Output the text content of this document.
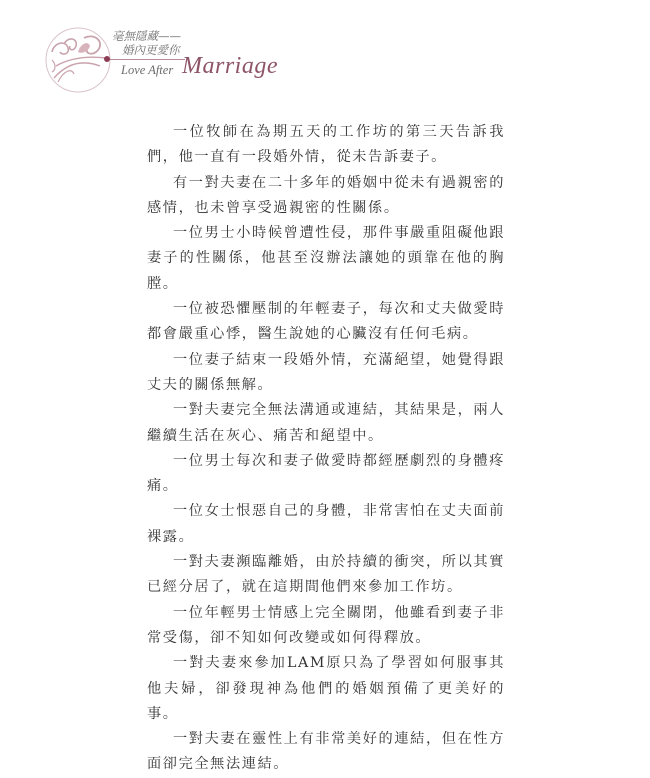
毫無隱藏——
婚內更愛你
Love After Marriage

一位牧師在為期五天的工作坊的第三天告訴我們，他一直有一段婚外情，從未告訴妻子。

有一對夫妻在二十多年的婚姻中從未有過親密的感情，也未曾享受過親密的性關係。

一位男士小時候曾遭性侵，那件事嚴重阻礙他跟妻子的性關係，他甚至沒辦法讓她的頭靠在他的胸膛。

一位被恐懼壓制的年輕妻子，每次和丈夫做愛時都會嚴重心悸，醫生說她的心臟沒有任何毛病。

一位妻子結束一段婚外情，充滿絕望，她覺得跟丈夫的關係無解。

一對夫妻完全無法溝通或連結，其結果是，兩人繼續生活在灰心、痛苦和絕望中。

一位男士每次和妻子做愛時都經歷劇烈的身體疼痛。

一位女士恨惡自己的身體，非常害怕在丈夫面前裸露。

一對夫妻瀕臨離婚，由於持續的衝突，所以其實已經分居了，就在這期間他們來參加工作坊。

一位年輕男士情感上完全關閉，他雖看到妻子非常受傷，卻不知如何改變或如何得釋放。

一對夫妻來參加LAM原只為了學習如何服事其他夫婦，卻發現神為他們的婚姻預備了更美好的事。

一對夫妻在靈性上有非常美好的連結，但在性方面卻完全無法連結。
